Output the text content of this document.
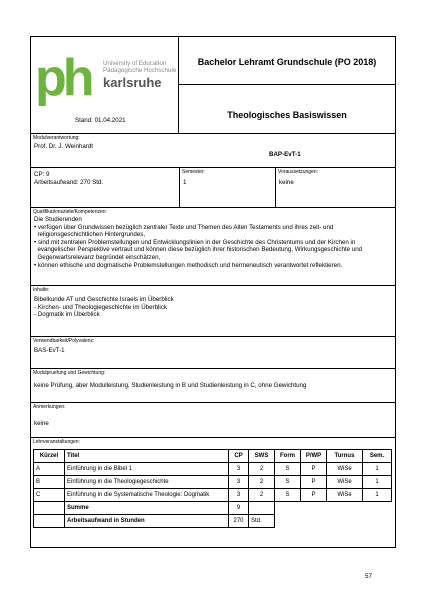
ph University of Education
Pädagogische Hochschule
karlsruhe
Stand: 01.04.2021
Bachelor Lehramt Grundschule (PO 2018)
Theologisches Basiswissen
Modulverantwortung:
Prof. Dr. J. Weinhardt
BAP-EvT-1
CP: 9
Arbeitsaufwand: 270 Std.
Semester:
1
Voraussetzungen:
keine
Qualifikationsziele/Kompetenzen:
Die Studierenden
• verfügen über Grundwissen bezüglich zentraler Texte und Themen des Alten Testaments und ihres zeit- und
religionsgeschichtlichen Hintergrundes,
• sind mit zentralen Problemstellungen und Entwicklungslinien in der Geschichte des Christentums und der Kirchen in
evangelischer Perspektive vertraut und können diese bezüglich ihrer historischen Bedeutung, Wirkungsgeschichte und
Gegenwartsrelevanz begründet einschätzen,
• können ethische und dogmatische Problemstellungen methodisch und hermeneutisch verantwortet reflektieren.
Inhalte:
Bibelkunde AT und Geschichte Israels im Überblick
- Kirchen- und Theologiegeschichte im Überblick
- Dogmatik im Überblick
Verwendbarkeit/Polyvalenz:
BAS-EvT-1
Modulpruefung und Gewichtung:
keine Prüfung, aber Modulleistung, Studienleistung in B und Studienleistung in C, ohne Gewichtung
Anmerkungen:
keine
Lehrveranstaltungen:
Kürzel	Titel	CP	SWS	Form	P/WP	Turnus	Sem.
A	Einführung in die Bibel 1	3	2	S	P	WiSe	1
B	Einführung in die Theologiegeschichte	3	2	S	P	WiSe	1
C	Einführung in die Systematische Theologie: Dogmatik	3	2	S	P	WiSe	1
	Summe	9					
	Arbeitsaufwand in Stunden	270	Std.				
57
